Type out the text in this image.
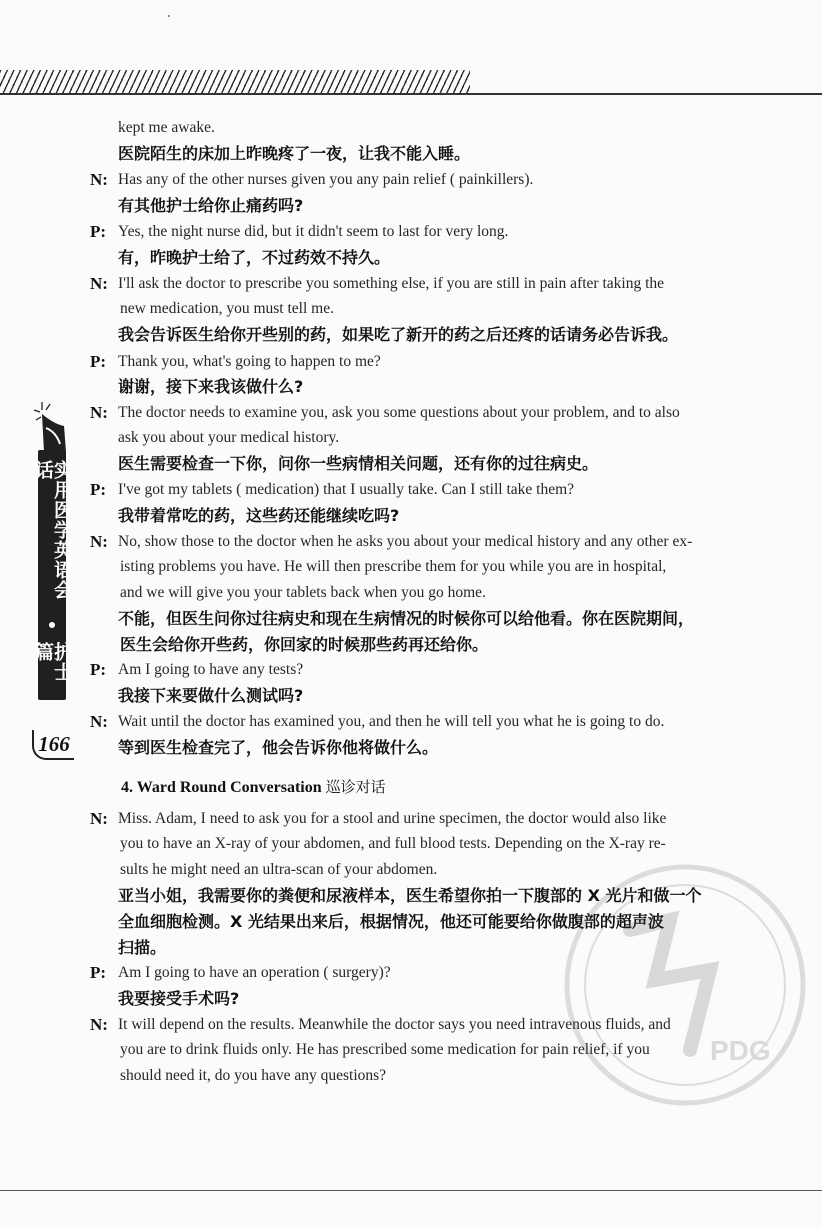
实用医学英语会话
护士篇
166
kept me awake.
医院陌生的床加上昨晚疼了一夜，让我不能入睡。
N: Has any of the other nurses given you any pain relief ( painkillers).
有其他护士给你止痛药吗?
P: Yes, the night nurse did, but it didn't seem to last for very long.
有，昨晚护士给了，不过药效不持久。
N: I'll ask the doctor to prescribe you something else, if you are still in pain after taking the
new medication, you must tell me.
我会告诉医生给你开些别的药，如果吃了新开的药之后还疼的话请务必告诉我。
P: Thank you, what's going to happen to me?
谢谢，接下来我该做什么?
N: The doctor needs to examine you, ask you some questions about your problem, and to also
ask you about your medical history.
医生需要检查一下你，问你一些病情相关问题，还有你的过往病史。
P: I've got my tablets ( medication) that I usually take. Can I still take them?
我带着常吃的药，这些药还能继续吃吗?
N: No, show those to the doctor when he asks you about your medical history and any other ex-
isting problems you have. He will then prescribe them for you while you are in hospital,
and we will give you your tablets back when you go home.
不能，但医生问你过往病史和现在生病情况的时候你可以给他看。你在医院期间，
医生会给你开些药，你回家的时候那些药再还给你。
P: Am I going to have any tests?
我接下来要做什么测试吗?
N: Wait until the doctor has examined you, and then he will tell you what he is going to do.
等到医生检查完了，他会告诉你他将做什么。
N: Miss. Adam, I need to ask you for a stool and urine specimen, the doctor would also like
you to have an X-ray of your abdomen, and full blood tests. Depending on the X-ray re-
sults he might need an ultra-scan of your abdomen.
亚当小姐，我需要你的粪便和尿液样本，医生希望你拍一下腹部的 X 光片和做一个
全血细胞检测。X 光结果出来后，根据情况，他还可能要给你做腹部的超声波
扫描。
P: Am I going to have an operation ( surgery)?
我要接受手术吗?
N: It will depend on the results. Meanwhile the doctor says you need intravenous fluids, and
you are to drink fluids only. He has prescribed some medication for pain relief, if you
should need it, do you have any questions?
4. Ward Round Conversation 巡诊对话
PDG
